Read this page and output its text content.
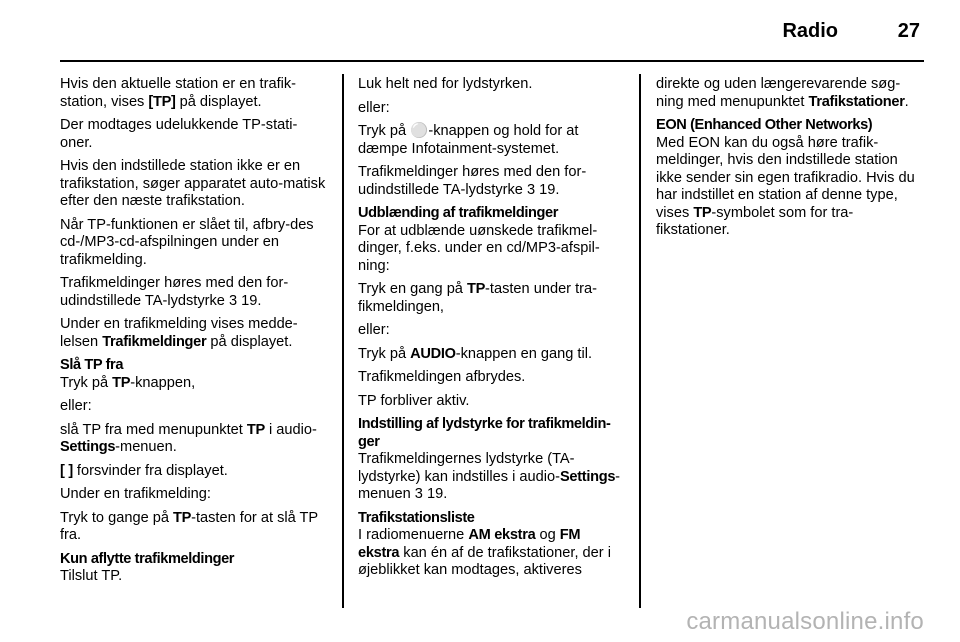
Radio	27

Hvis den aktuelle station er en trafik-station, vises [TP] på displayet.

Der modtages udelukkende TP-stati-oner.

Hvis den indstillede station ikke er en trafikstation, søger apparatet auto-matisk efter den næste trafikstation.

Når TP-funktionen er slået til, afbry-des cd-/MP3-cd-afspilningen under en trafikmelding.

Trafikmeldinger høres med den for-udindstillede TA-lydstyrke 3 19.

Under en trafikmelding vises medde-lelsen Trafikmeldinger på displayet.

Slå TP fra

Tryk på TP-knappen,

eller:

slå TP fra med menupunktet TP i audio-Settings-menuen.

[ ] forsvinder fra displayet.

Under en trafikmelding:

Tryk to gange på TP-tasten for at slå TP fra.

Kun aflytte trafikmeldinger

Tilslut TP.

Luk helt ned for lydstyrken.

eller:

Tryk på ⚪-knappen og hold for at dæmpe Infotainment-systemet.

Trafikmeldinger høres med den for-udindstillede TA-lydstyrke 3 19.

Udblænding af trafikmeldinger

For at udblænde uønskede trafikmel-dinger, f.eks. under en cd/MP3-afspil-ning:

Tryk en gang på TP-tasten under tra-fikmeldingen,

eller:

Tryk på AUDIO-knappen en gang til.

Trafikmeldingen afbrydes.

TP forbliver aktiv.

Indstilling af lydstyrke for trafikmeldin-ger

Trafikmeldingernes lydstyrke (TA-lydstyrke) kan indstilles i audio-Settings-menuen 3 19.

Trafikstationsliste

I radiomenuerne AM ekstra og FM ekstra kan én af de trafikstationer, der i øjeblikket kan modtages, aktiveres

direkte og uden længerevarende søg-ning med menupunktet Trafikstationer.

EON (Enhanced Other Networks)

Med EON kan du også høre trafik-meldinger, hvis den indstillede station ikke sender sin egen trafikradio. Hvis du har indstillet en station af denne type, vises TP-symbolet som for tra-fikstationer.

carmanualsonline.info
